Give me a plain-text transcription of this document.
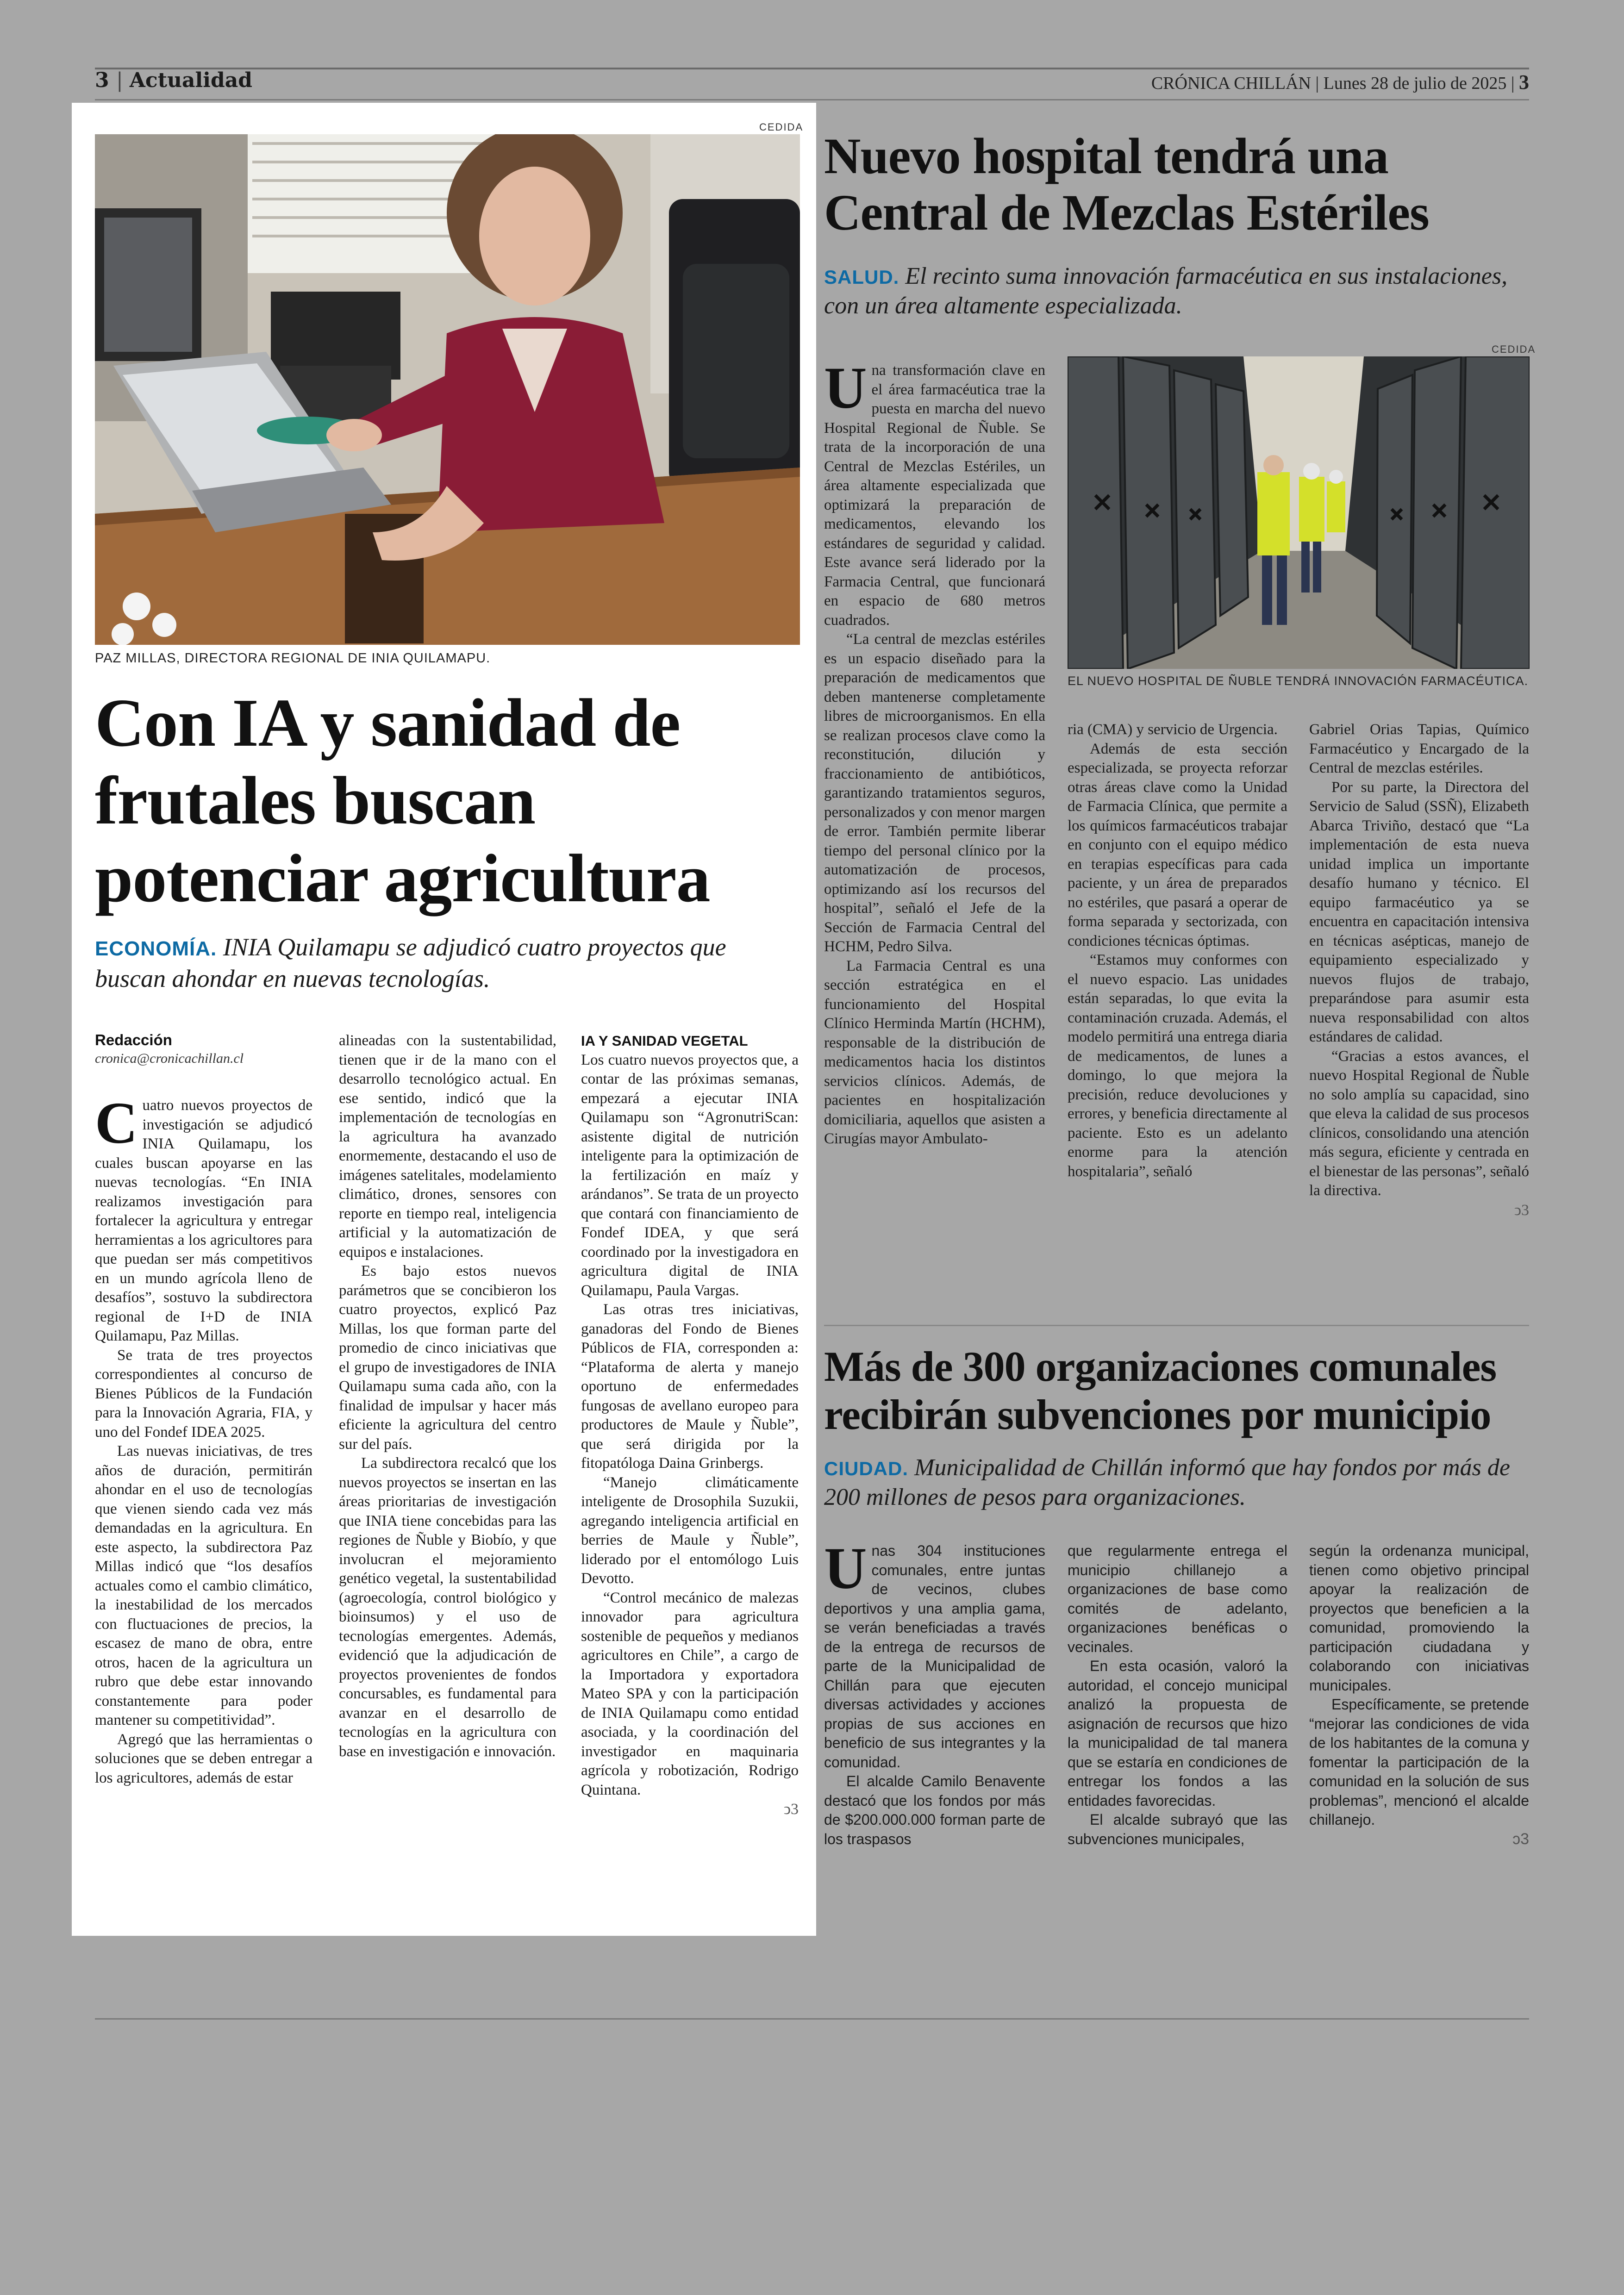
3 | Actualidad	CRÓNICA CHILLÁN | Lunes 28 de julio de 2025 | 3
CEDIDA
PAZ MILLAS, DIRECTORA REGIONAL DE INIA QUILAMAPU.
Con IA y sanidad de frutales buscan potenciar agricultura

ECONOMÍA. INIA Quilamapu se adjudicó cuatro proyectos que buscan ahondar en nuevas tecnologías.

Redacción
cronica@cronicachillan.cl

Cuatro nuevos proyectos de investigación se adjudicó INIA Quilamapu, los cuales buscan apoyarse en las nuevas tecnologías. “En INIA realizamos investigación para fortalecer la agricultura y entregar herramientas a los agricultores para que puedan ser más competitivos en un mundo agrícola lleno de desafíos”, sostuvo la subdirectora regional de I+D de INIA Quilamapu, Paz Millas.

Se trata de tres proyectos correspondientes al concurso de Bienes Públicos de la Fundación para la Innovación Agraria, FIA, y uno del Fondef IDEA 2025.

Las nuevas iniciativas, de tres años de duración, permitirán ahondar en el uso de tecnologías que vienen siendo cada vez más demandadas en la agricultura. En este aspecto, la subdirectora Paz Millas indicó que “los desafíos actuales como el cambio climático, la inestabilidad de los mercados con fluctuaciones de precios, la escasez de mano de obra, entre otros, hacen de la agricultura un rubro que debe estar innovando constantemente para poder mantener su competitividad”.

Agregó que las herramientas o soluciones que se deben entregar a los agricultores, además de estar

alineadas con la sustentabilidad, tienen que ir de la mano con el desarrollo tecnológico actual. En ese sentido, indicó que la implementación de tecnologías en la agricultura ha avanzado enormemente, destacando el uso de imágenes satelitales, modelamiento climático, drones, sensores con reporte en tiempo real, inteligencia artificial y la automatización de equipos e instalaciones.

Es bajo estos nuevos parámetros que se concibieron los cuatro proyectos, explicó Paz Millas, los que forman parte del promedio de cinco iniciativas que el grupo de investigadores de INIA Quilamapu suma cada año, con la finalidad de impulsar y hacer más eficiente la agricultura del centro sur del país.

La subdirectora recalcó que los nuevos proyectos se insertan en las áreas prioritarias de investigación que INIA tiene concebidas para las regiones de Ñuble y Biobío, y que involucran el mejoramiento genético vegetal, la sustentabilidad (agroecología, control biológico y bioinsumos) y el uso de tecnologías emergentes. Además, evidenció que la adjudicación de proyectos provenientes de fondos concursables, es fundamental para avanzar en el desarrollo de tecnologías en la agricultura con base en investigación e innovación.

IA Y SANIDAD VEGETAL

Los cuatro nuevos proyectos que, a contar de las próximas semanas, empezará a ejecutar INIA Quilamapu son “AgronutriScan: asistente digital de nutrición inteligente para la optimización de la fertilización en maíz y arándanos”. Se trata de un proyecto que contará con financiamiento de Fondef IDEA, y que será coordinado por la investigadora en agricultura digital de INIA Quilamapu, Paula Vargas.

Las otras tres iniciativas, ganadoras del Fondo de Bienes Públicos de FIA, corresponden a: “Plataforma de alerta y manejo oportuno de enfermedades fungosas de avellano europeo para productores de Maule y Ñuble”, que será dirigida por la fitopatóloga Daina Grinbergs.

“Manejo climáticamente inteligente de Drosophila Suzukii, agregando inteligencia artificial en berries de Maule y Ñuble”, liderado por el entomólogo Luis Devotto.

“Control mecánico de malezas innovador para agricultura sostenible de pequeños y medianos agricultores en Chile”, a cargo de la Importadora y exportadora Mateo SPA y con la participación de INIA Quilamapu como entidad asociada, y la coordinación del investigador en maquinaria agrícola y robotización, Rodrigo Quintana.

ↄ3
Nuevo hospital tendrá una Central de Mezclas Estériles

SALUD. El recinto suma innovación farmacéutica en sus instalaciones, con un área altamente especializada.

CEDIDA
EL NUEVO HOSPITAL DE ÑUBLE TENDRÁ INNOVACIÓN FARMACÉUTICA.

Una transformación clave en el área farmacéutica trae la puesta en marcha del nuevo Hospital Regional de Ñuble. Se trata de la incorporación de una Central de Mezclas Estériles, un área altamente especializada que optimizará la preparación de medicamentos, elevando los estándares de seguridad y calidad. Este avance será liderado por la Farmacia Central, que funcionará en espacio de 680 metros cuadrados.

“La central de mezclas estériles es un espacio diseñado para la preparación de medicamentos que deben mantenerse completamente libres de microorganismos. En ella se realizan procesos clave como la reconstitución, dilución y fraccionamiento de antibióticos, garantizando tratamientos seguros, personalizados y con menor margen de error. También permite liberar tiempo del personal clínico por la automatización de procesos, optimizando así los recursos del hospital”, señaló el Jefe de la Sección de Farmacia Central del HCHM, Pedro Silva.

La Farmacia Central es una sección estratégica en el funcionamiento del Hospital Clínico Herminda Martín (HCHM), responsable de la distribución de medicamentos hacia los distintos servicios clínicos. Además, de pacientes en hospitalización domiciliaria, aquellos que asisten a Cirugías mayor Ambulato-

ria (CMA) y servicio de Urgencia.

Además de esta sección especializada, se proyecta reforzar otras áreas clave como la Unidad de Farmacia Clínica, que permite a los químicos farmacéuticos trabajar en conjunto con el equipo médico en terapias específicas para cada paciente, y un área de preparados no estériles, que pasará a operar de forma separada y sectorizada, con condiciones técnicas óptimas.

“Estamos muy conformes con el nuevo espacio. Las unidades están separadas, lo que evita la contaminación cruzada. Además, el modelo permitirá una entrega diaria de medicamentos, de lunes a domingo, lo que mejora la precisión, reduce devoluciones y errores, y beneficia directamente al paciente. Esto es un adelanto enorme para la atención hospitalaria”, señaló

Gabriel Orias Tapias, Químico Farmacéutico y Encargado de la Central de mezclas estériles.

Por su parte, la Directora del Servicio de Salud (SSÑ), Elizabeth Abarca Triviño, destacó que “La implementación de esta nueva unidad implica un importante desafío humano y técnico. El equipo farmacéutico ya se encuentra en capacitación intensiva en técnicas asépticas, manejo de equipamiento especializado y nuevos flujos de trabajo, preparándose para asumir esta nueva responsabilidad con altos estándares de calidad.

“Gracias a estos avances, el nuevo Hospital Regional de Ñuble no solo amplía su capacidad, sino que eleva la calidad de sus procesos clínicos, consolidando una atención más segura, eficiente y centrada en el bienestar de las personas”, señaló la directiva.

ↄ3
Más de 300 organizaciones comunales recibirán subvenciones por municipio

CIUDAD. Municipalidad de Chillán informó que hay fondos por más de 200 millones de pesos para organizaciones.

Unas 304 instituciones comunales, entre juntas de vecinos, clubes deportivos y una amplia gama, se verán beneficiadas a través de la entrega de recursos de parte de la Municipalidad de Chillán para que ejecuten diversas actividades y acciones propias de sus acciones en beneficio de sus integrantes y la comunidad.

El alcalde Camilo Benavente destacó que los fondos por más de $200.000.000 forman parte de los traspasos

que regularmente entrega el municipio chillanejo a organizaciones de base como comités de adelanto, organizaciones benéficas o vecinales.

En esta ocasión, valoró la autoridad, el concejo municipal analizó la propuesta de asignación de recursos que hizo la municipalidad de tal manera que se estaría en condiciones de entregar los fondos a las entidades favorecidas.

El alcalde subrayó que las subvenciones municipales,

según la ordenanza municipal, tienen como objetivo principal apoyar la realización de proyectos que beneficien a la comunidad, promoviendo la participación ciudadana y colaborando con iniciativas municipales.

Específicamente, se pretende “mejorar las condiciones de vida de los habitantes de la comuna y fomentar la participación de la comunidad en la solución de sus problemas”, mencionó el alcalde chillanejo.

ↄ3
